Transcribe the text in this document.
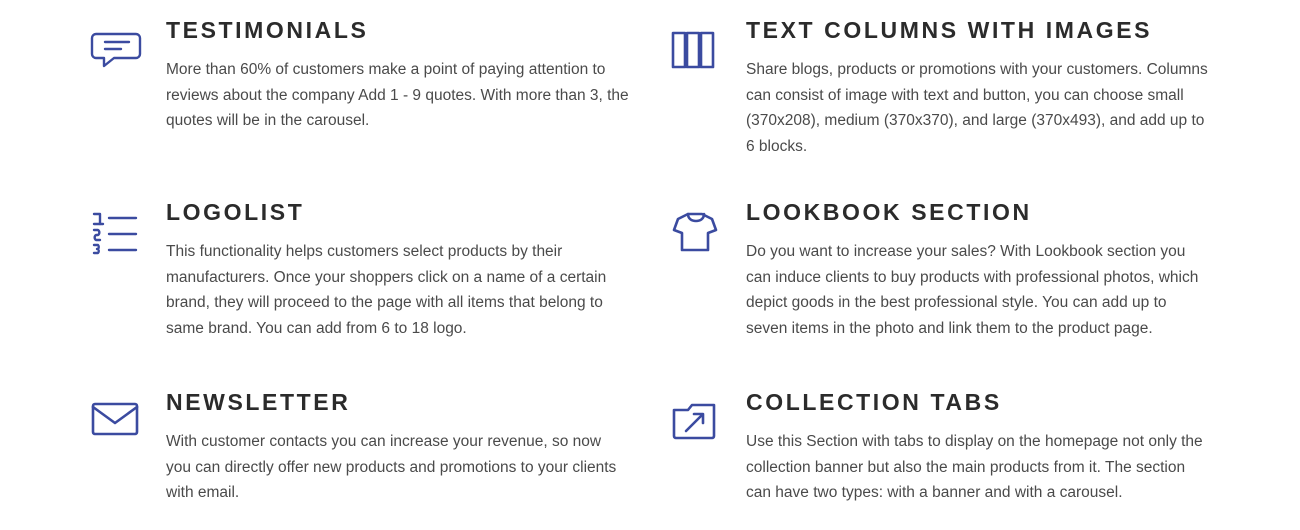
TESTIMONIALS

More than 60% of customers make a point of paying attention to reviews about the company Add 1 - 9 quotes. With more than 3, the quotes will be in the carousel.

TEXT COLUMNS WITH IMAGES

Share blogs, products or promotions with your customers. Columns can consist of image with text and button, you can choose small (370x208), medium (370x370), and large (370x493), and add up to 6 blocks.

LOGOLIST

This functionality helps customers select products by their manufacturers. Once your shoppers click on a name of a certain brand, they will proceed to the page with all items that belong to same brand. You can add from 6 to 18 logo.

LOOKBOOK SECTION

Do you want to increase your sales? With Lookbook section you can induce clients to buy products with professional photos, which depict goods in the best professional style. You can add up to seven items in the photo and link them to the product page.

NEWSLETTER

With customer contacts you can increase your revenue, so now you can directly offer new products and promotions to your clients with email.

COLLECTION TABS

Use this Section with tabs to display on the homepage not only the collection banner but also the main products from it. The section can have two types: with a banner and with a carousel.
